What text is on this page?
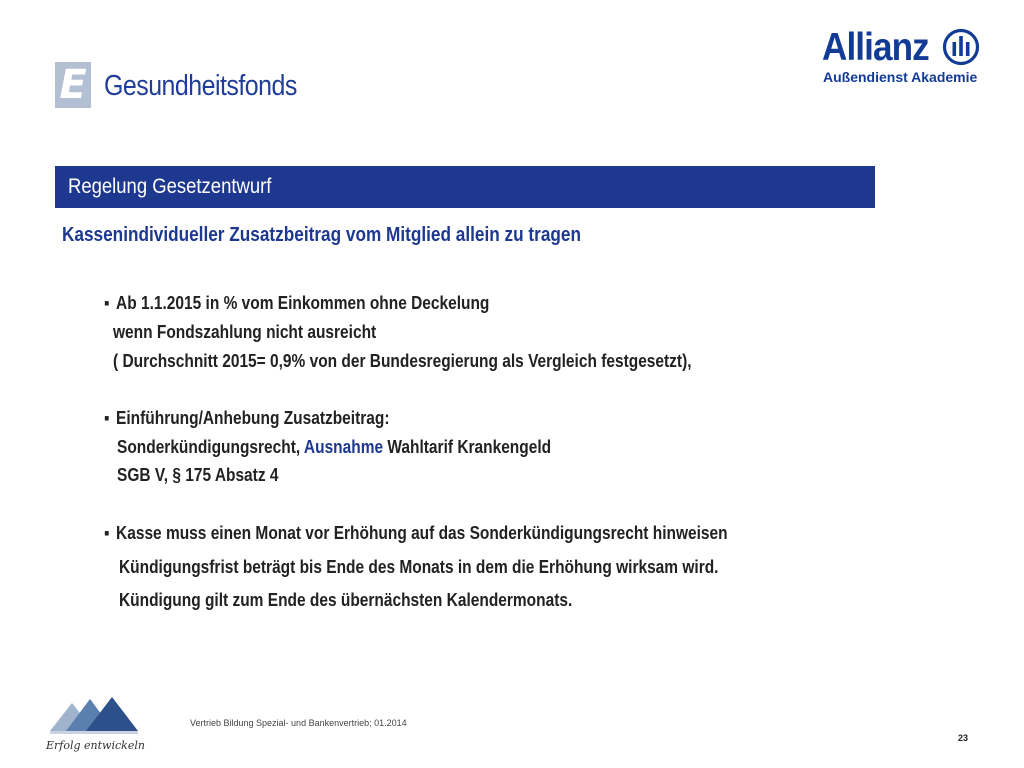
E Gesundheitsfonds
Allianz
Außendienst Akademie
Regelung Gesetzentwurf
Kassenindividueller Zusatzbeitrag vom Mitglied allein zu tragen
▪ Ab 1.1.2015 in % vom Einkommen ohne Deckelung
wenn Fondszahlung nicht ausreicht
( Durchschnitt 2015= 0,9% von der Bundesregierung als Vergleich festgesetzt),
▪ Einführung/Anhebung Zusatzbeitrag:
Sonderkündigungsrecht, Ausnahme Wahltarif Krankengeld
SGB V, § 175 Absatz 4
▪ Kasse muss einen Monat vor Erhöhung auf das Sonderkündigungsrecht hinweisen
Kündigungsfrist beträgt bis Ende des Monats in dem die Erhöhung wirksam wird.
Kündigung gilt zum Ende des übernächsten Kalendermonats.
Erfolg entwickeln
Vertrieb Bildung Spezial- und Bankenvertrieb; 01.2014
23
